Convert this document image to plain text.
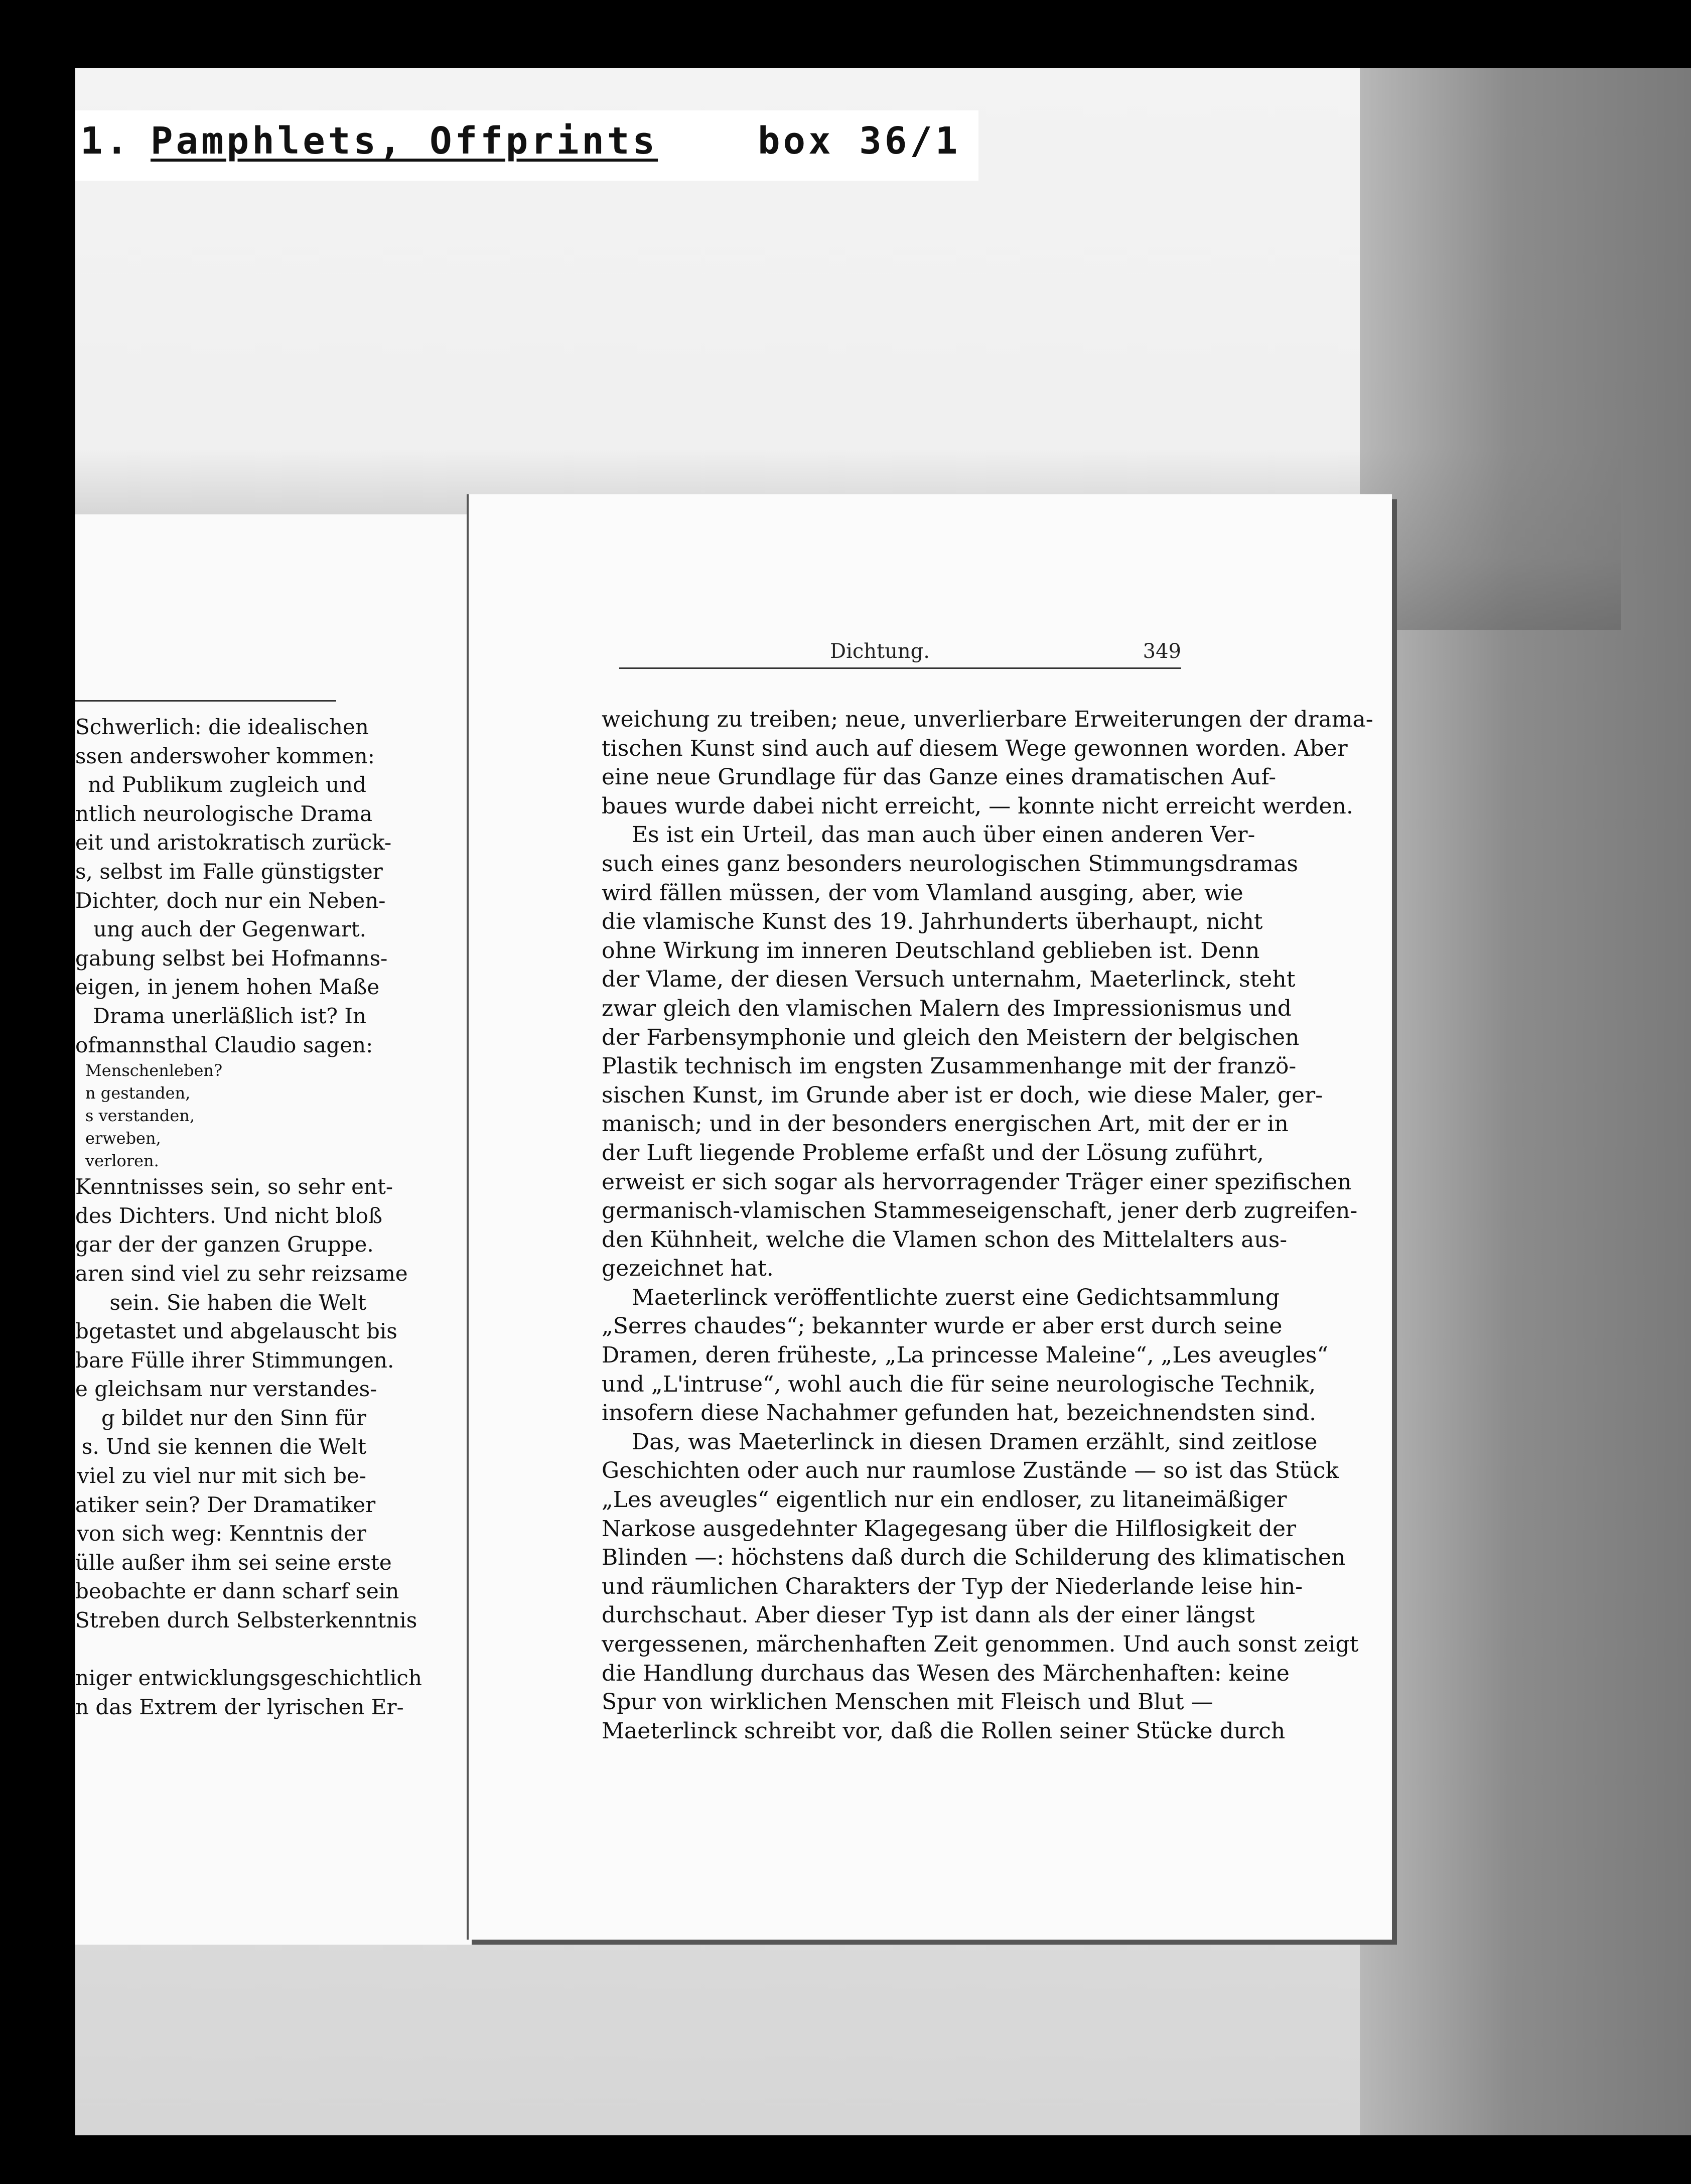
1. Pamphlets, Offprints	box 36/1
Schwerlich: die idealischen
ssen anderswoher kommen:
nd Publikum zugleich und
ntlich neurologische Drama
eit und aristokratisch zurück-
s, selbst im Falle günstigster
Dichter, doch nur ein Neben-
ung auch der Gegenwart.
gabung selbst bei Hofmanns-
eigen, in jenem hohen Maße
Drama unerläßlich ist? In
ofmannsthal Claudio sagen:
Menschenleben?
n gestanden,
s verstanden,
erweben,
verloren.
Kenntnisses sein, so sehr ent-
des Dichters. Und nicht bloß
gar der der ganzen Gruppe.
aren sind viel zu sehr reizsame
sein. Sie haben die Welt
bgetastet und abgelauscht bis
bare Fülle ihrer Stimmungen.
e gleichsam nur verstandes-
g bildet nur den Sinn für
s. Und sie kennen die Welt
viel zu viel nur mit sich be-
atiker sein? Der Dramatiker
von sich weg: Kenntnis der
ülle außer ihm sei seine erste
beobachte er dann scharf sein
Streben durch Selbsterkenntnis
niger entwicklungsgeschichtlich
n das Extrem der lyrischen Er-
Dichtung.	349
weichung zu treiben; neue, unverlierbare Erweiterungen der drama-
tischen Kunst sind auch auf diesem Wege gewonnen worden. Aber
eine neue Grundlage für das Ganze eines dramatischen Auf-
baues wurde dabei nicht erreicht, — konnte nicht erreicht werden.
Es ist ein Urteil, das man auch über einen anderen Ver-
such eines ganz besonders neurologischen Stimmungsdramas
wird fällen müssen, der vom Vlamland ausging, aber, wie
die vlamische Kunst des 19. Jahrhunderts überhaupt, nicht
ohne Wirkung im inneren Deutschland geblieben ist. Denn
der Vlame, der diesen Versuch unternahm, Maeterlinck, steht
zwar gleich den vlamischen Malern des Impressionismus und
der Farbensymphonie und gleich den Meistern der belgischen
Plastik technisch im engsten Zusammenhange mit der franzö-
sischen Kunst, im Grunde aber ist er doch, wie diese Maler, ger-
manisch; und in der besonders energischen Art, mit der er in
der Luft liegende Probleme erfaßt und der Lösung zuführt,
erweist er sich sogar als hervorragender Träger einer spezifischen
germanisch-vlamischen Stammeseigenschaft, jener derb zugreifen-
den Kühnheit, welche die Vlamen schon des Mittelalters aus-
gezeichnet hat.
Maeterlinck veröffentlichte zuerst eine Gedichtsammlung
„Serres chaudes“; bekannter wurde er aber erst durch seine
Dramen, deren früheste, „La princesse Maleine“, „Les aveugles“
und „L'intruse“, wohl auch die für seine neurologische Technik,
insofern diese Nachahmer gefunden hat, bezeichnendsten sind.
Das, was Maeterlinck in diesen Dramen erzählt, sind zeitlose
Geschichten oder auch nur raumlose Zustände — so ist das Stück
„Les aveugles“ eigentlich nur ein endloser, zu litaneimäßiger
Narkose ausgedehnter Klagegesang über die Hilflosigkeit der
Blinden —: höchstens daß durch die Schilderung des klimatischen
und räumlichen Charakters der Typ der Niederlande leise hin-
durchschaut. Aber dieser Typ ist dann als der einer längst
vergessenen, märchenhaften Zeit genommen. Und auch sonst zeigt
die Handlung durchaus das Wesen des Märchenhaften: keine
Spur von wirklichen Menschen mit Fleisch und Blut —
Maeterlinck schreibt vor, daß die Rollen seiner Stücke durch
